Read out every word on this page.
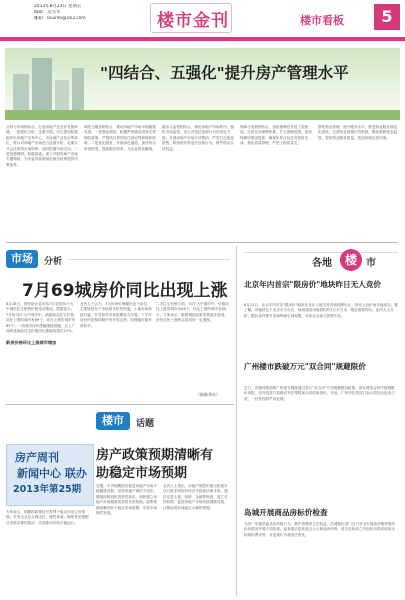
2013年8月23日 星期五
编辑：吴雪华
邮箱：louinfo@163.com	楼市金刊	楼市看板	5
"四结合、五强化"提升房产管理水平
分析与市场相结合，打造房地产业良好发展环境。一是强化分析，注重引领。市住建局积极组织市房地产交易中心、市房地产业协会等单位，每月对房地产市场进行监测分析，定期召开会议研判市场形势，及时把握市场走向。二是加强调研，积极探索。深入开展房地产市场专题调研，为市委市政府制定相关政策提供决策参考。
调控与服务相结合，推动房地产市场平稳健康发展。一是强化调控，积极贯彻落实国家宏观调控政策，严格执行差别化住房信贷和税收政策。二是优化服务，开辟绿色通道，加快项目审批进度，提高服务效率，为企业排忧解难。
服务与监管相结合，规范房地产市场秩序。强化市场监管，加大对违法违规行为的查处力度。开展房地产市场专项整治，严厉打击捂盘惜售、哄抬房价等违法违规行为，维护群众合法权益。
保障与发展相结合，加快保障性安居工程建设。完善住房保障体系，扩大保障范围，加快保障房建设进度，确保年度目标任务按时完成。强化质量管理，严把工程质量关。
强化物业管理，提升服务水平。推进物业服务规范化建设，完善物业管理长效机制，强化维修资金监管，提高物业服务质量，营造和谐宜居环境。
市场	分析
7月69城房价同比出现上涨
8月18日，国家统计局发布7月全国70个大中城市住宅销售价格变动情况。数据显示，7月份70个大中城市中，新建商品住宅价格同比上涨的城市有69个，环比上涨的城市有65个。一线城市房价涨幅继续领跑，北上广深新建商品住宅价格同比涨幅均超过15%。
新房价格环比上涨城市增加
业内人士认为，7月份房价涨幅仍处于高位，主要原因在于市场需求依然旺盛，土地市场持续升温，开发商对市场预期较为乐观。下半年房价仍将保持稳中有升的态势，但涨幅可能有所收窄。
二手住宅价格方面，70个大中城市中，价格同比上涨的城市有68个，环比上涨的城市有60个。专家表示，随着调控政策效果逐步显现，房价过快上涨势头将得到一定遏制。
（据新华社）
楼市	话题
房产周刊
新闻中心 联办
2013年第25期
房产政策预期清晰有
助稳定市场预期
近期，中央明确提出促进房地产市场平稳健康发展，坚持房地产调控不放松，继续抑制投机投资性需求，加快建立房地产市场健康发展的长效机制。政策预期清晰有助于稳定市场预期，引导市场理性发展。
业内人士指出，房地产调控的重点将逐步从行政手段转向经济手段和法律手段，通过完善土地、财税、金融等制度，建立长效机制，促进房地产市场持续健康发展，让购房者形成稳定合理的预期。
专家表示，明确的政策信号有利于稳定市场主体预期，开发企业应合理定价、理性拿地；购房者应根据自身需求理性购房，共同推动市场平稳运行。
各地	楼 市
北京年内首宗"限房价"地块昨日无人竞价
8月21日，北京年内首宗"限房价"地块在北京土地交易市场挂牌出让，因无人竞价而未能成交。据了解，该地块位于北京市丰台区，规划建设用地面积约3万平方米，限定销售均价。业内人士分析，限价条件使开发商利润空间有限，导致企业参与热情不高。
广州楼市跌破万元"双合同"规避限价
近日，有媒体报道称广州部分楼盘通过签订"双合同"方式规避限价政策，即在网签合同中按照限价申报，另外再签订装修或车位等附加合同收取差价。对此，广州市住建部门表示将加大检查力度，一经发现将严肃处理。
岛城开展商品房标价检查
为进一步规范商品房价格行为，维护消费者合法权益，岛城物价部门近日对全市商品房销售明码标价情况开展专项检查。检查重点包括是否公示商品房价格、是否在标价之外加价出售或收取未标明的费用等，对违规行为将依法查处。
